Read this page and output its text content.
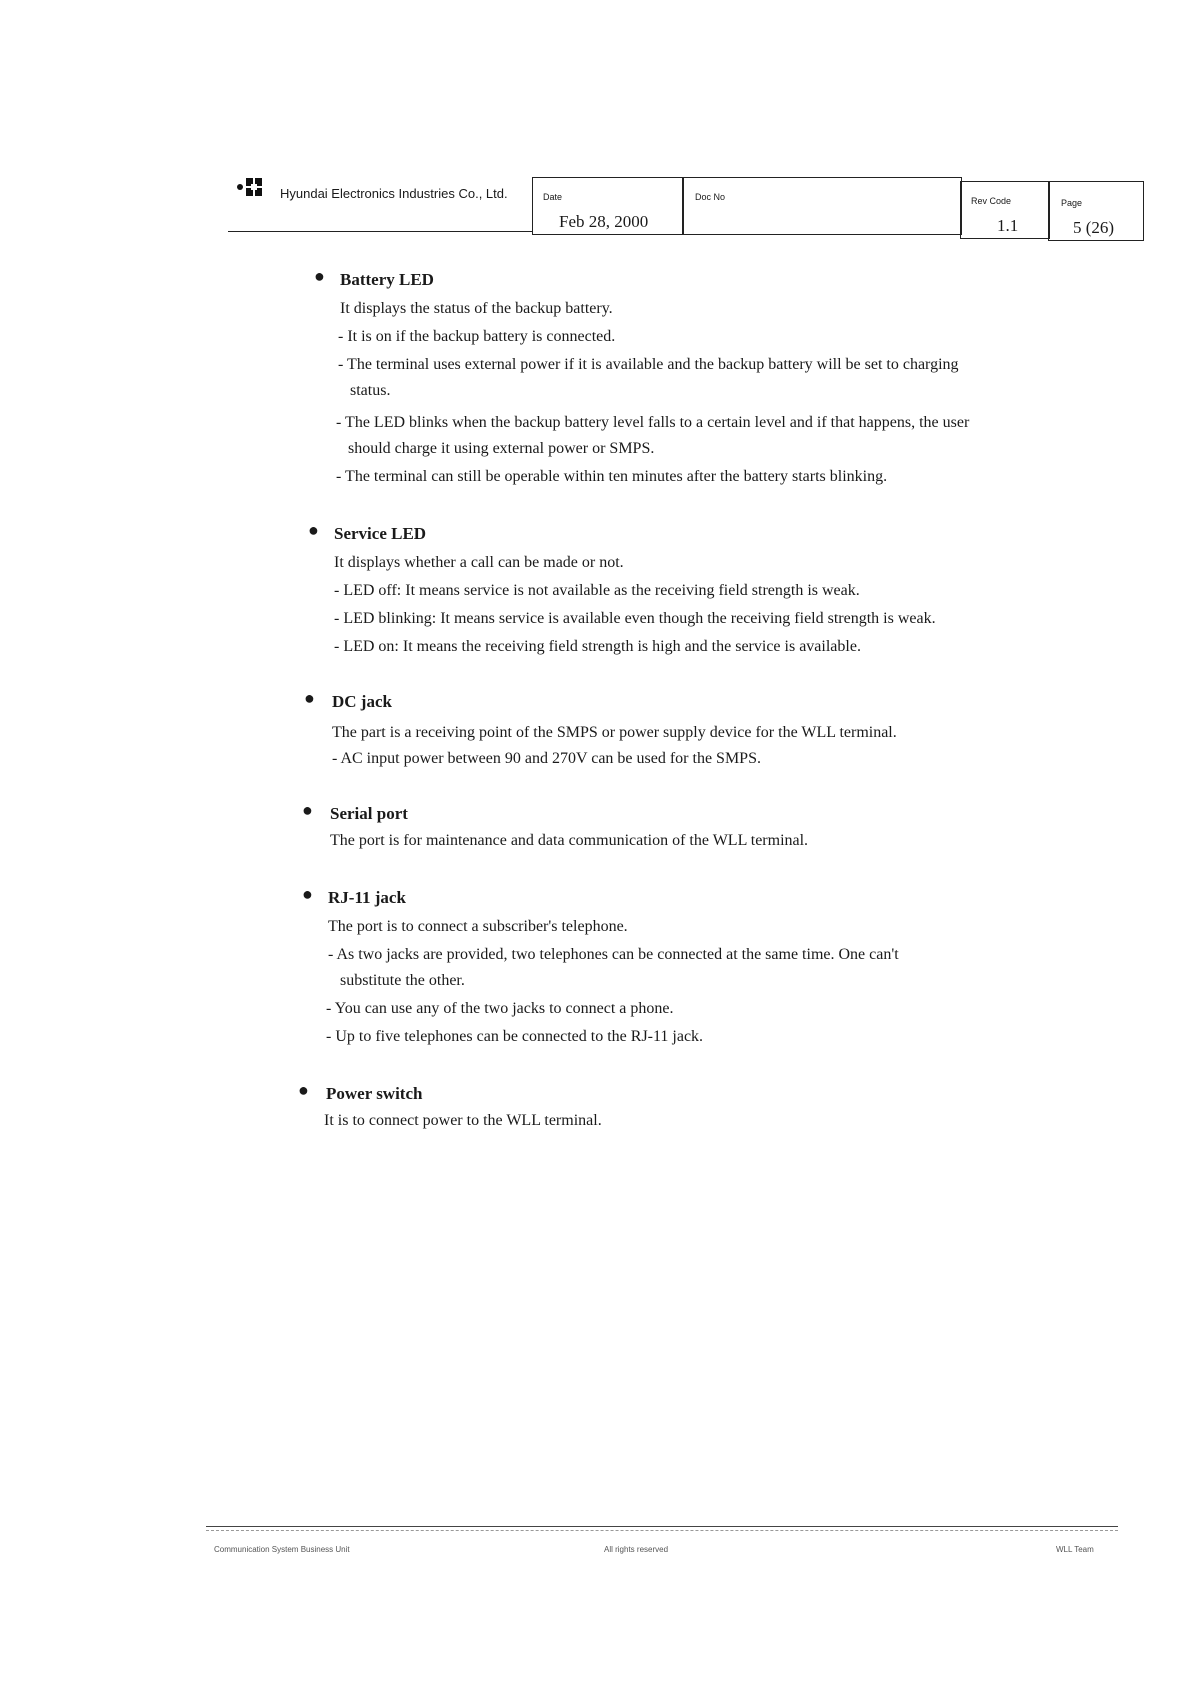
Hyundai Electronics Industries Co., Ltd.	Date
Feb 28, 2000
Doc No	Rev Code
1.1
Page
5 (26)
● Battery LED
It displays the status of the backup battery.
- It is on if the backup battery is connected.
- The terminal uses external power if it is available and the backup battery will be set to charging
status.
- The LED blinks when the backup battery level falls to a certain level and if that happens, the user
should charge it using external power or SMPS.
- The terminal can still be operable within ten minutes after the battery starts blinking.
● Service LED
It displays whether a call can be made or not.
- LED off: It means service is not available as the receiving field strength is weak.
- LED blinking: It means service is available even though the receiving field strength is weak.
- LED on: It means the receiving field strength is high and the service is available.
● DC jack
The part is a receiving point of the SMPS or power supply device for the WLL terminal.
- AC input power between 90 and 270V can be used for the SMPS.
● Serial port
The port is for maintenance and data communication of the WLL terminal.
● RJ-11 jack
The port is to connect a subscriber's telephone.
- As two jacks are provided, two telephones can be connected at the same time. One can't
substitute the other.
- You can use any of the two jacks to connect a phone.
- Up to five telephones can be connected to the RJ-11 jack.
● Power switch
It is to connect power to the WLL terminal.
Communication System Business Unit	All rights reserved	WLL Team
